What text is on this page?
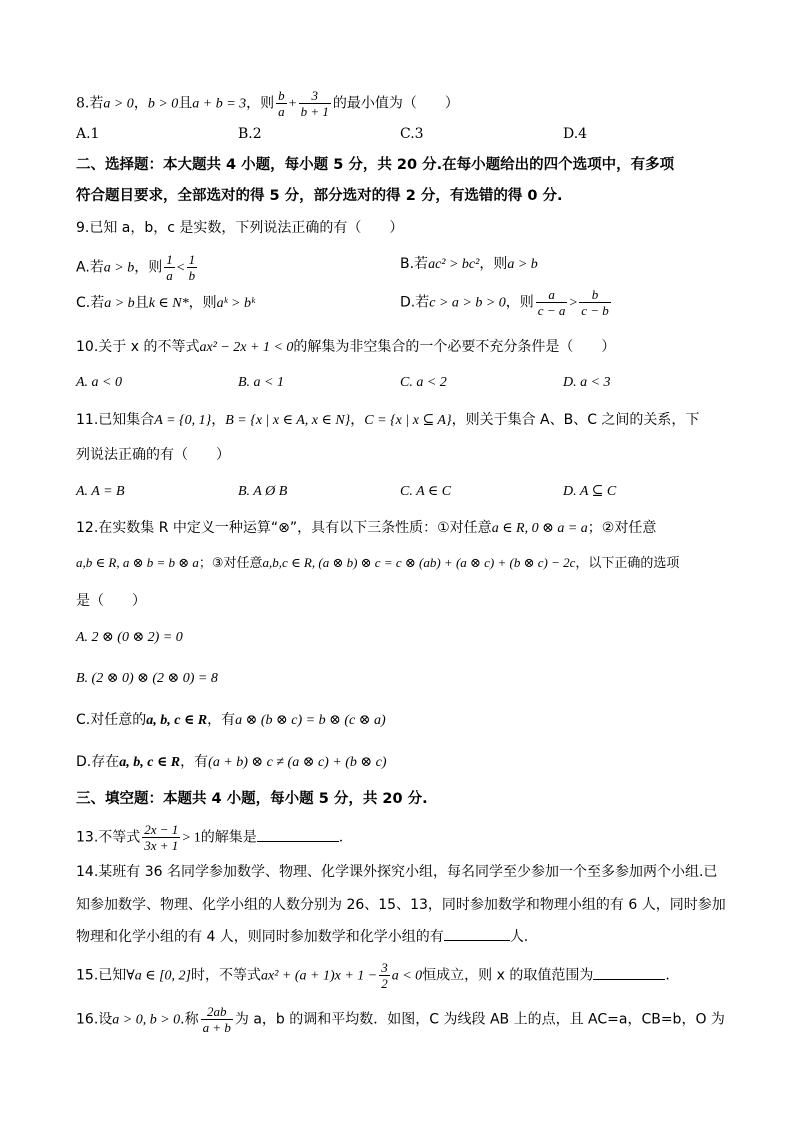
8.若a > 0，b > 0且a + b = 3，则 $\frac{b}{a} + \frac{3}{b + 1}$ 的最小值为（　　）
A.1	B.2	C.3	D.4
二、选择题：本大题共 4 小题，每小题 5 分，共 20 分.在每小题给出的四个选项中，有多项
符合题目要求，全部选对的得 5 分，部分选对的得 2 分，有选错的得 0 分.
9.已知 a，b，c 是实数，下列说法正确的有（　　）
A.若a > b，则 $\frac{1}{a} < \frac{1}{b}$	B.若ac² > bc²，则a > b
C.若a > b且k ∈ N*，则aᵏ > bᵏ	D.若c > a > b > 0，则 $\frac{a}{c - a} > \frac{b}{c - b}$
10.关于 x 的不等式ax² − 2x + 1 < 0的解集为非空集合的一个必要不充分条件是（　　）
A. a < 0	B. a < 1	C. a < 2	D. a < 3
11.已知集合A = {0, 1}，B = {x | x ∈ A, x ∈ N}，C = {x | x ⊆ A}，则关于集合 A、B、C 之间的关系，下
列说法正确的有（　　）
A. A = B	B. A Ø B	C. A ∈ C	D. A ⊆ C
12.在实数集 R 中定义一种运算“⊗”，具有以下三条性质：①对任意a ∈ R, 0 ⊗ a = a；②对任意
a,b ∈ R, a ⊗ b = b ⊗ a；③对任意a,b,c ∈ R, (a ⊗ b) ⊗ c = c ⊗ (ab) + (a ⊗ c) + (b ⊗ c) − 2c，以下正确的选项
是（　　）
A. 2 ⊗ (0 ⊗ 2) = 0
B. (2 ⊗ 0) ⊗ (2 ⊗ 0) = 8
C.对任意的a, b, c ∈ R，有a ⊗ (b ⊗ c) = b ⊗ (c ⊗ a)
D.存在a, b, c ∈ R，有(a + b) ⊗ c ≠ (a ⊗ c) + (b ⊗ c)
三、填空题：本题共 4 小题，每小题 5 分，共 20 分.
13.不等式 $\frac{2x - 1}{3x + 1} > 1$的解集是	.
14.某班有 36 名同学参加数学、物理、化学课外探究小组，每名同学至少参加一个至多参加两个小组.已
知参加数学、物理、化学小组的人数分别为 26、15、13，同时参加数学和物理小组的有 6 人，同时参加
物理和化学小组的有 4 人，则同时参加数学和化学小组的有	人.
15.已知∀a ∈ [0, 2]时，不等式$ax^2 + (a + 1)x + 1 - \frac{3}{2}$ a < 0恒成立，则 x 的取值范围为	.
16.设a > 0, b > 0.称 $\frac{2ab}{a + b}$ 为 a，b 的调和平均数．如图，C 为线段 AB 上的点，且 AC=a，CB=b，O 为
